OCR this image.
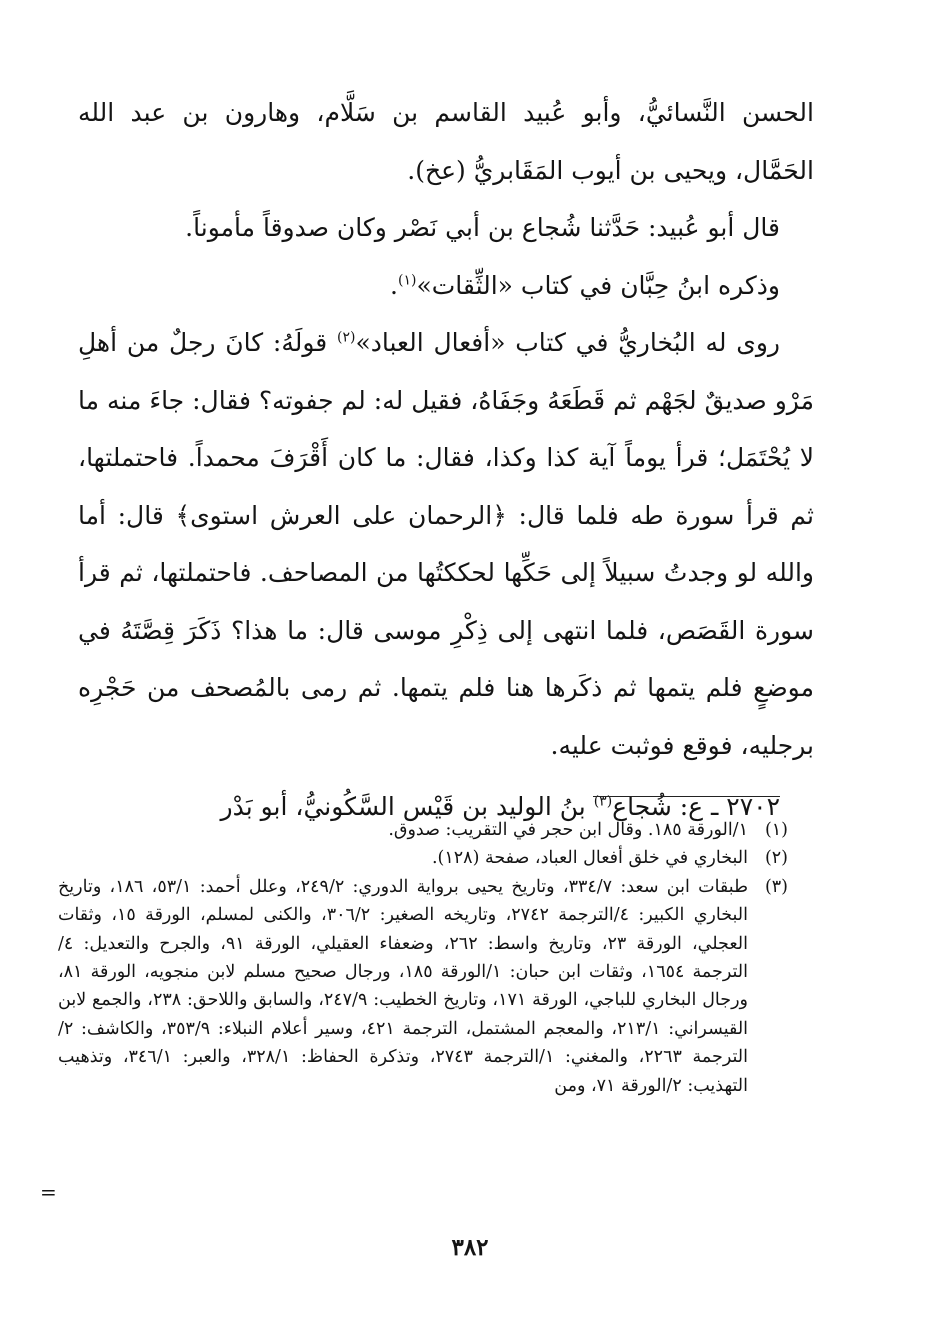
الحسن النَّسائيُّ، وأبو عُبيد القاسم بن سَلَّام، وهارون بن عبد الله الحَمَّال، ويحيى بن أيوب المَقَابريُّ (عخ).

قال أبو عُبيد: حَدَّثنا شُجاع بن أبي نَصْر وكان صدوقاً مأموناً.

وذكره ابنُ حِبَّان في كتاب «الثِّقات»$^{(١)}$.

روى له البُخاريُّ في كتاب «أفعال العباد»$^{(٢)}$ قولَهُ: كانَ رجلٌ من أهلِ مَرْو صديقٌ لجَهْم ثم قَطَعَهُ وجَفَاهُ، فقيل له: لم جفوته؟ فقال: جاءَ منه ما لا يُحْتَمَل؛ قرأ يوماً آية كذا وكذا، فقال: ما كان أَقْرَفَ محمداً. فاحتملتها، ثم قرأ سورة طه فلما قال: ﴿الرحمان على العرش استوى﴾ قال: أما والله لو وجدتُ سبيلاً إلى حَكِّها لحككتُها من المصاحف. فاحتملتها، ثم قرأ سورة القَصَص، فلما انتهى إلى ذِكْرِ موسى قال: ما هذا؟ ذَكَرَ قِصَّتَهُ في موضعٍ فلم يتمها ثم ذكَرها هنا فلم يتمها. ثم رمى بالمُصحف من حَجْرِه برجليه، فوقع فوثبت عليه.

٢٧٠٢ ـ ع: شُجاع$^{(٣)}$ بنُ الوليد بن قَيْس السَّكُونيُّ، أبو بَدْر

(١)
١/الورقة ١٨٥. وقال ابن حجر في التقريب: صدوق.
(٢)
البخاري في خلق أفعال العباد، صفحة (١٢٨).
(٣)
طبقات ابن سعد: ٣٣٤/٧، وتاريخ يحيى برواية الدوري: ٢٤٩/٢، وعلل أحمد: ٥٣/١، ١٨٦، وتاريخ البخاري الكبير: ٤/الترجمة ٢٧٤٢، وتاريخه الصغير: ٣٠٦/٢، والكنى لمسلم، الورقة ١٥، وثقات العجلي، الورقة ٢٣، وتاريخ واسط: ٢٦٢، وضعفاء العقيلي، الورقة ٩١، والجرح والتعديل: ٤/الترجمة ١٦٥٤، وثقات ابن حبان: ١/الورقة ١٨٥، ورجال صحيح مسلم لابن منجويه، الورقة ٨١، ورجال البخاري للباجي، الورقة ١٧١، وتاريخ الخطيب: ٢٤٧/٩، والسابق واللاحق: ٢٣٨، والجمع لابن القيسراني: ٢١٣/١، والمعجم المشتمل، الترجمة ٤٢١، وسير أعلام النبلاء: ٣٥٣/٩، والكاشف: ٢/الترجمة ٢٢٦٣، والمغني: ١/الترجمة ٢٧٤٣، وتذكرة الحفاظ: ٣٢٨/١، والعبر: ٣٤٦/١، وتذهيب التهذيب: ٢/الورقة ٧١، ومن
=
٣٨٢
